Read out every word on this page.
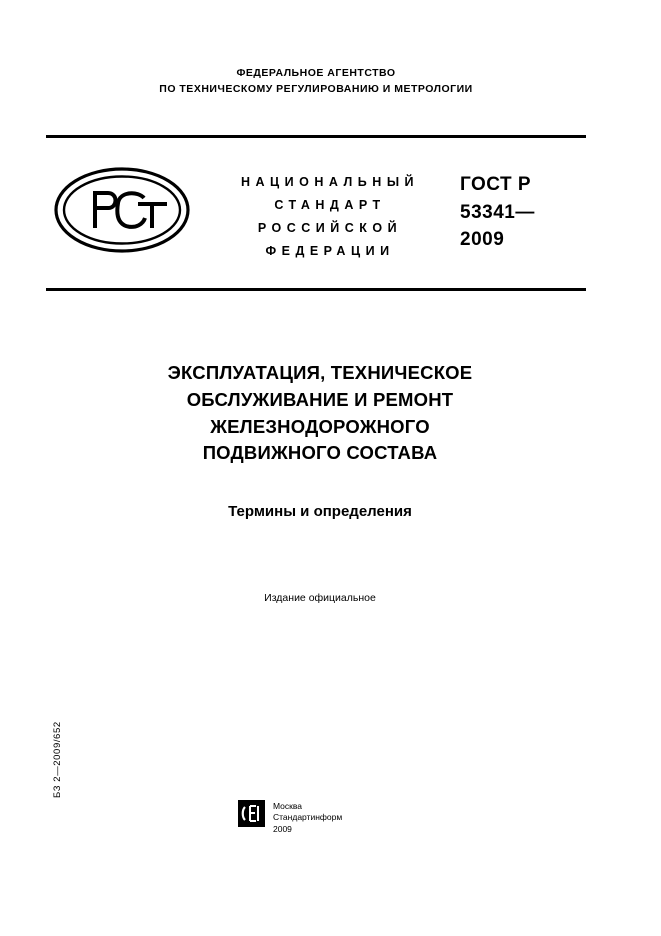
ФЕДЕРАЛЬНОЕ АГЕНТСТВО
ПО ТЕХНИЧЕСКОМУ РЕГУЛИРОВАНИЮ И МЕТРОЛОГИИ
НАЦИОНАЛЬНЫЙ
СТАНДАРТ
РОССИЙСКОЙ
ФЕДЕРАЦИИ
ГОСТ Р
53341—
2009
ЭКСПЛУАТАЦИЯ, ТЕХНИЧЕСКОЕ
ОБСЛУЖИВАНИЕ И РЕМОНТ
ЖЕЛЕЗНОДОРОЖНОГО
ПОДВИЖНОГО СОСТАВА
Термины и определения
Издание официальное
БЗ 2—2009/652
Москва
Стандартинформ
2009
